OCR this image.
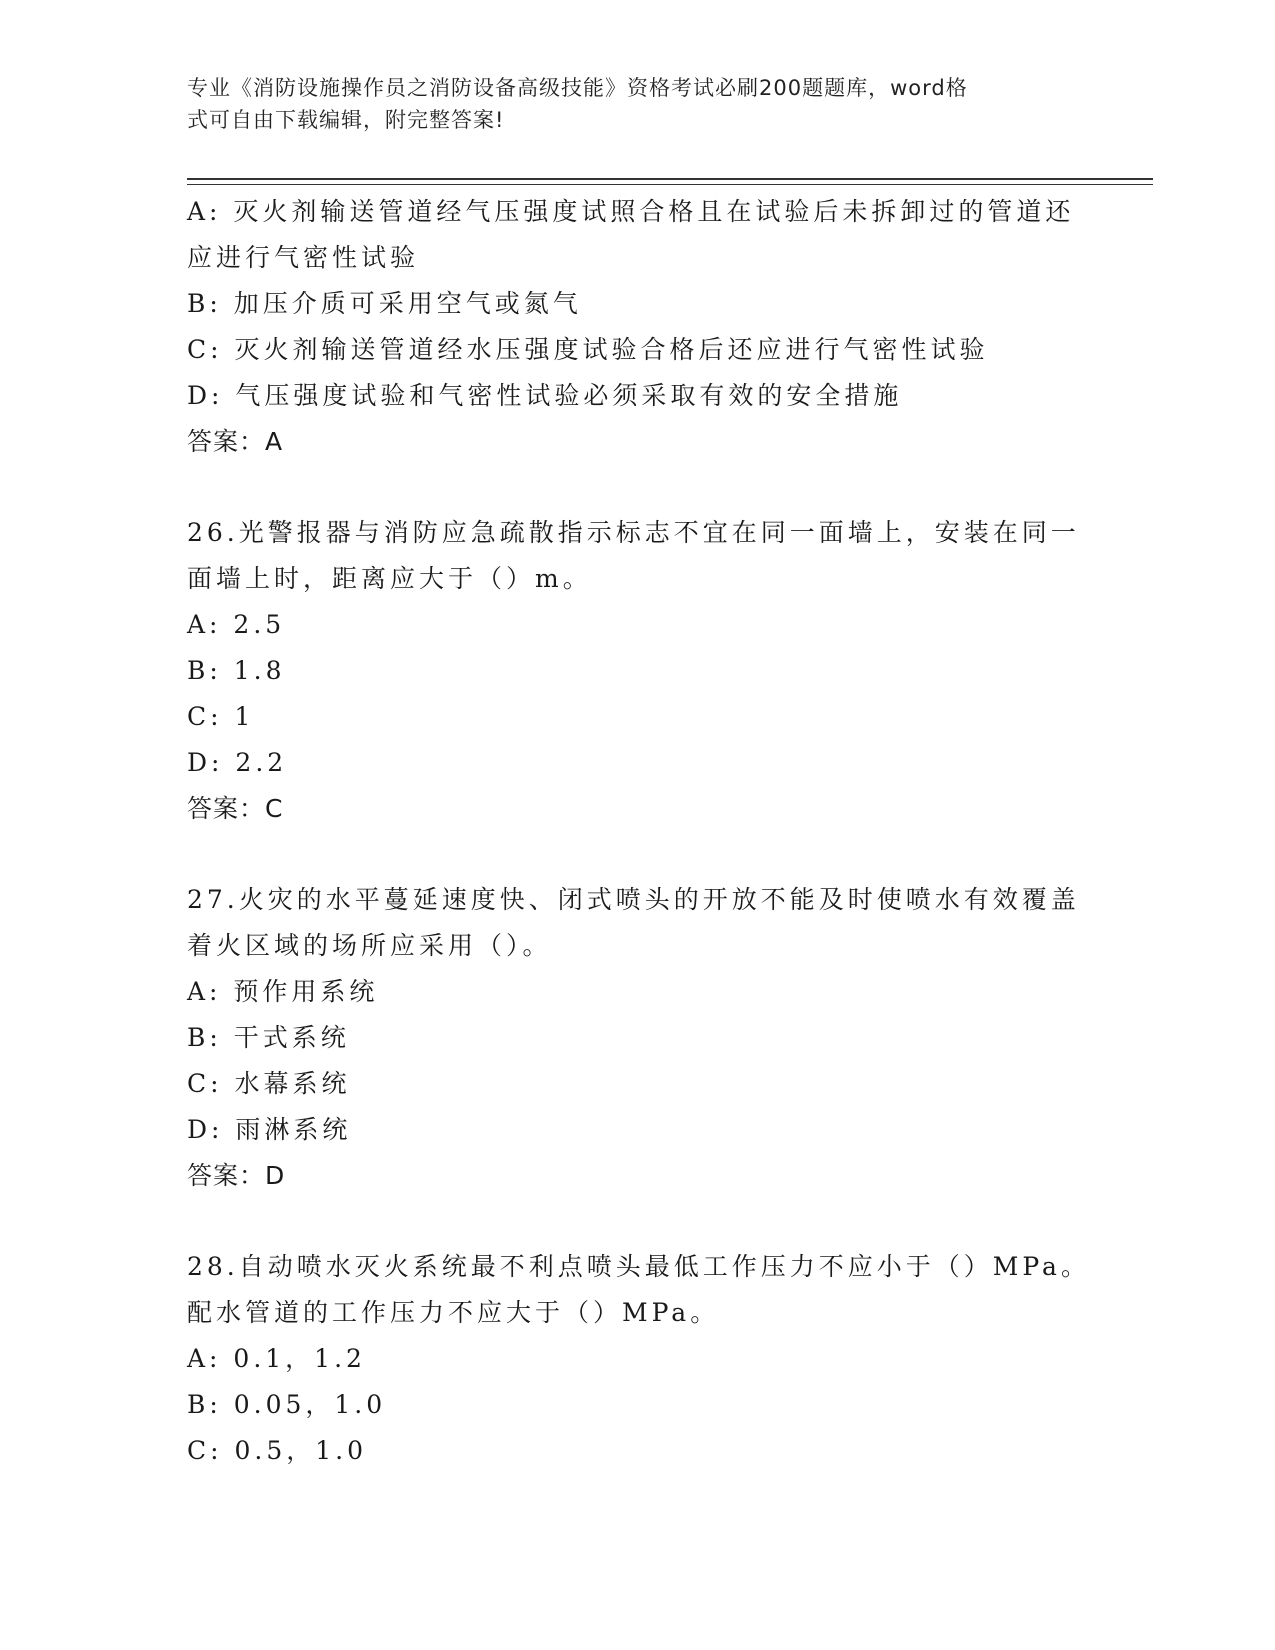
专业《消防设施操作员之消防设备高级技能》资格考试必刷200题题库，word格
式可自由下载编辑，附完整答案!
A: 灭火剂输送管道经气压强度试照合格且在试验后未拆卸过的管道还
应进行气密性试验
B: 加压介质可采用空气或氮气
C: 灭火剂输送管道经水压强度试验合格后还应进行气密性试验
D: 气压强度试验和气密性试验必须采取有效的安全措施
答案：A
26.光警报器与消防应急疏散指示标志不宜在同一面墙上，安装在同一
面墙上时，距离应大于（）m。
A: 2.5
B: 1.8
C: 1
D: 2.2
答案：C
27.火灾的水平蔓延速度快、闭式喷头的开放不能及时使喷水有效覆盖
着火区域的场所应采用（）。
A: 预作用系统
B: 干式系统
C: 水幕系统
D: 雨淋系统
答案：D
28.自动喷水灭火系统最不利点喷头最低工作压力不应小于（）MPa。
配水管道的工作压力不应大于（）MPa。
A: 0.1，1.2
B: 0.05，1.0
C: 0.5，1.0
